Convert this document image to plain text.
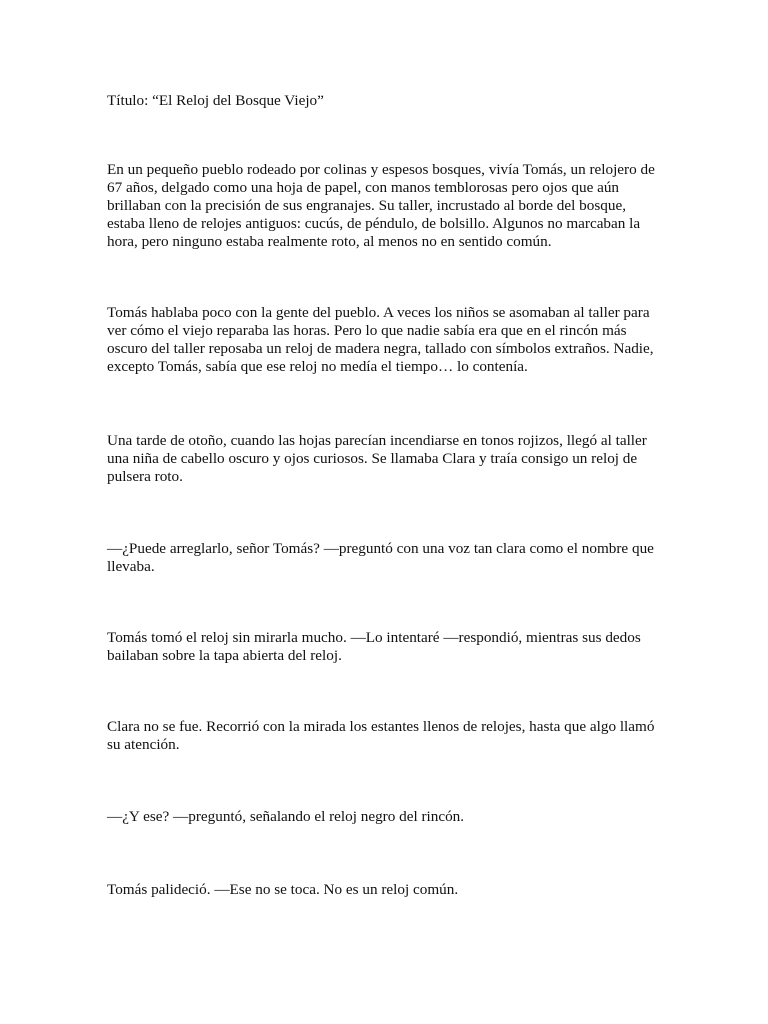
Título: “El Reloj del Bosque Viejo”

En un pequeño pueblo rodeado por colinas y espesos bosques, vivía Tomás, un relojero de

67 años, delgado como una hoja de papel, con manos temblorosas pero ojos que aún

brillaban con la precisión de sus engranajes. Su taller, incrustado al borde del bosque,

estaba lleno de relojes antiguos: cucús, de péndulo, de bolsillo. Algunos no marcaban la

hora, pero ninguno estaba realmente roto, al menos no en sentido común.

Tomás hablaba poco con la gente del pueblo. A veces los niños se asomaban al taller para

ver cómo el viejo reparaba las horas. Pero lo que nadie sabía era que en el rincón más

oscuro del taller reposaba un reloj de madera negra, tallado con símbolos extraños. Nadie,

excepto Tomás, sabía que ese reloj no medía el tiempo… lo contenía.

Una tarde de otoño, cuando las hojas parecían incendiarse en tonos rojizos, llegó al taller

una niña de cabello oscuro y ojos curiosos. Se llamaba Clara y traía consigo un reloj de

pulsera roto.

—¿Puede arreglarlo, señor Tomás? —preguntó con una voz tan clara como el nombre que

llevaba.

Tomás tomó el reloj sin mirarla mucho. —Lo intentaré —respondió, mientras sus dedos

bailaban sobre la tapa abierta del reloj.

Clara no se fue. Recorrió con la mirada los estantes llenos de relojes, hasta que algo llamó

su atención.

—¿Y ese? —preguntó, señalando el reloj negro del rincón.

Tomás palideció. —Ese no se toca. No es un reloj común.
